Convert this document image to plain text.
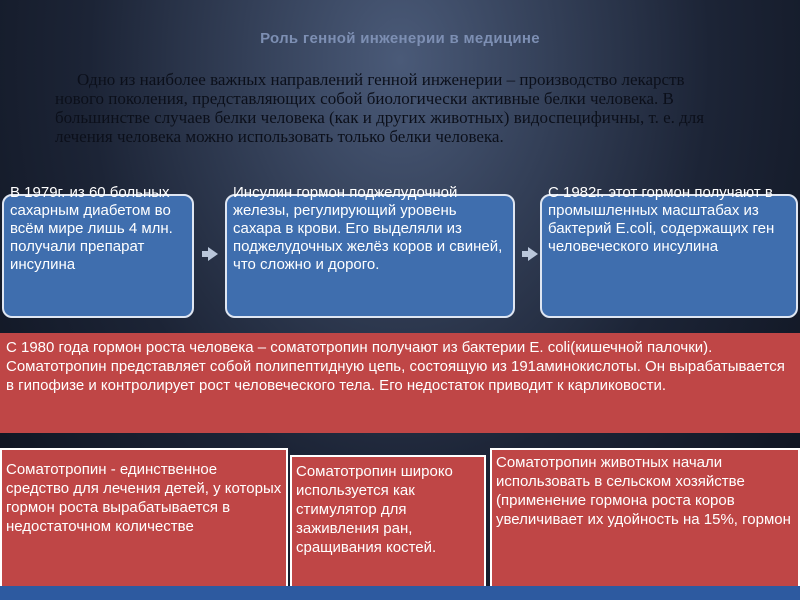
Роль генной инженерии в медицине
Одно из наиболее важных направлений генной инженерии – производство лекарств нового поколения, представляющих собой биологически активные белки человека. В большинстве случаев белки человека (как и других животных) видоспецифичны, т. е. для лечения человека можно использовать только белки человека.
В 1979г. из 60 больных сахарным диабетом во всём мире лишь 4 млн. получали препарат инсулина
Инсулин гормон поджелудочной железы, регулирующий уровень сахара в крови. Его выделяли из поджелудочных желёз коров и свиней, что сложно и дорого.
С 1982г. этот гормон получают в промышленных масштабах из бактерий E.coli, содержащих ген человеческого инсулина
С 1980 года гормон роста человека – соматотропин получают из бактерии E. coli(кишечной палочки). Соматотропин представляет собой полипептидную цепь, состоящую из 191аминокислоты. Он вырабатывается в гипофизе и контролирует рост человеческого тела. Его недостаток приводит к карликовости.
Соматотропин - единственное средство для лечения детей, у которых гормон роста вырабатывается в недостаточном количестве
Соматотропин широко используется как стимулятор для заживления ран, сращивания костей.
Соматотропин животных начали использовать в сельском хозяйстве (применение гормона роста коров увеличивает их удойность на 15%, гормон
